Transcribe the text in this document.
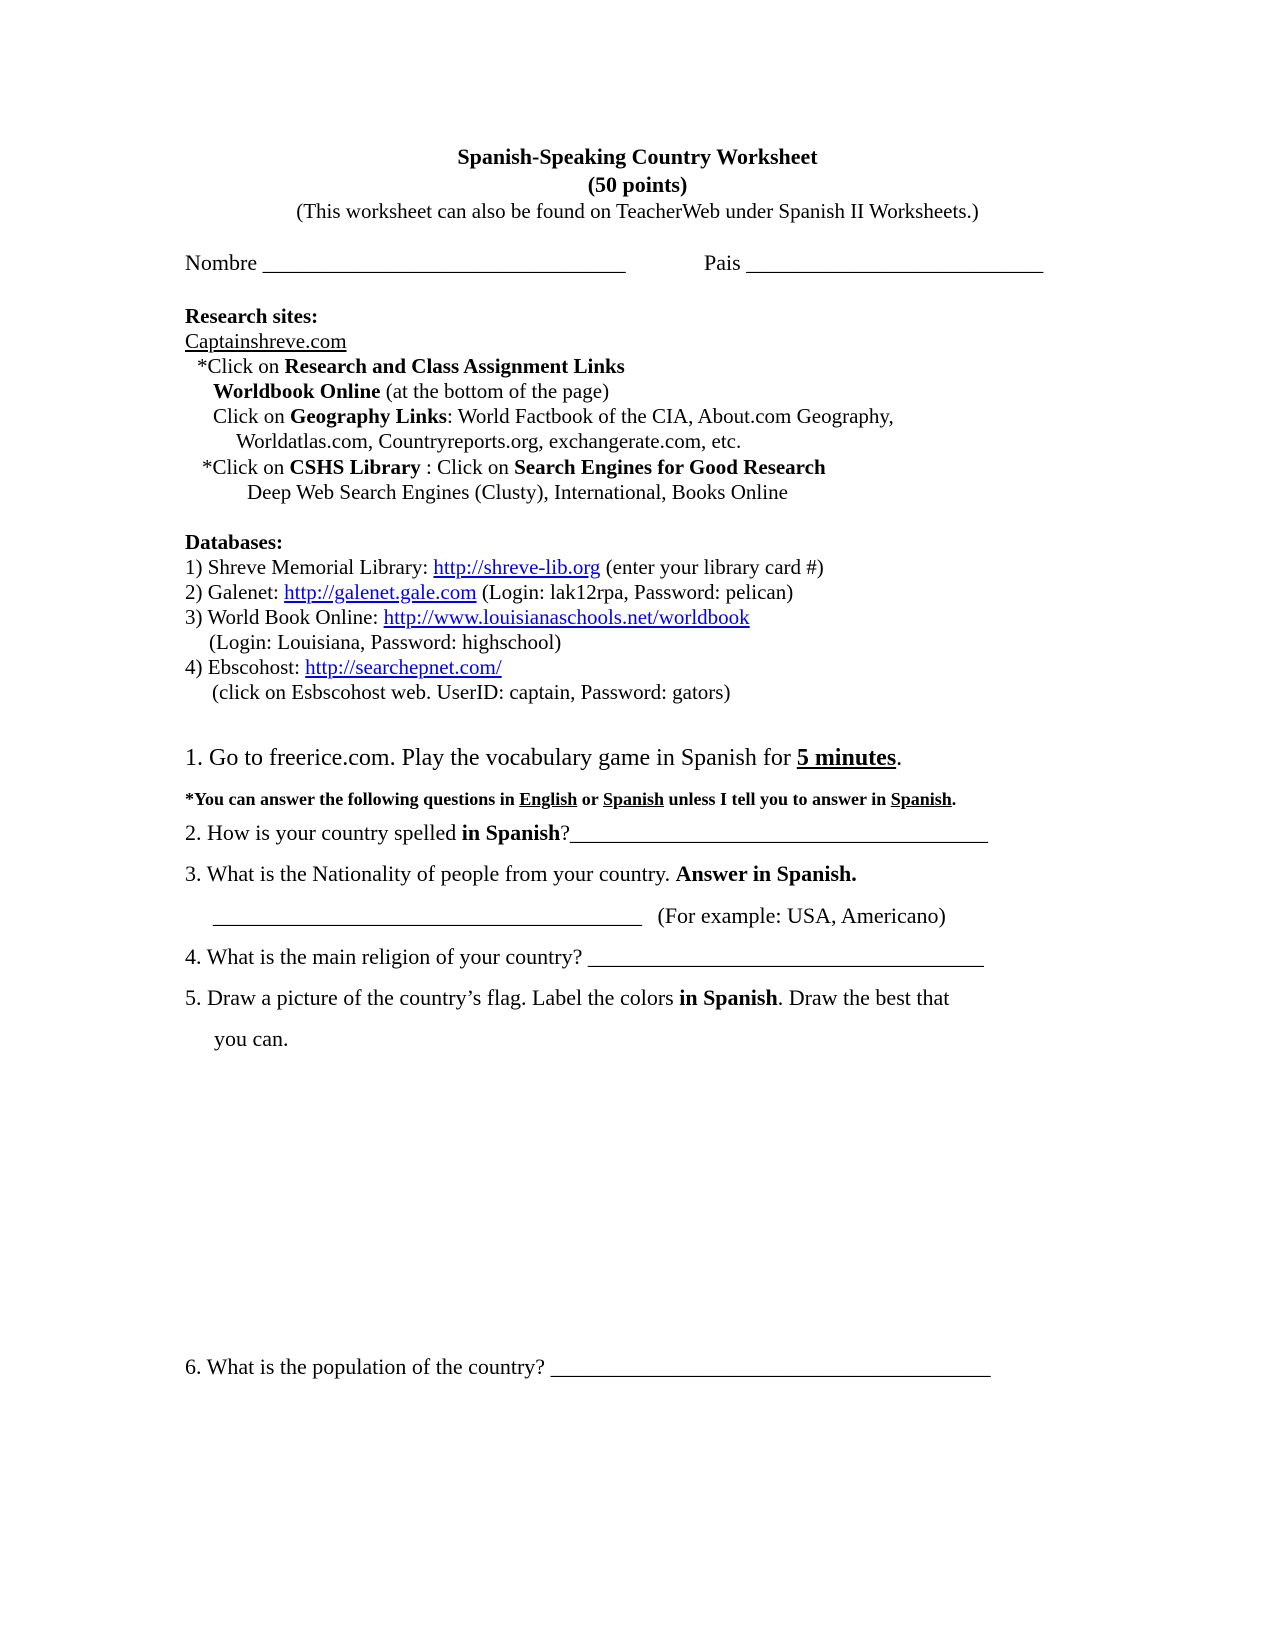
Spanish-Speaking Country Worksheet
(50 points)
(This worksheet can also be found on TeacherWeb under Spanish II Worksheets.)
Nombre _________________________________	Pais ___________________________
Research sites:
Captainshreve.com
*Click on Research and Class Assignment Links
Worldbook Online (at the bottom of the page)
Click on Geography Links: World Factbook of the CIA, About.com Geography,
Worldatlas.com, Countryreports.org, exchangerate.com, etc.
*Click on CSHS Library : Click on Search Engines for Good Research
Deep Web Search Engines (Clusty), International, Books Online
Databases:
1) Shreve Memorial Library: http://shreve-lib.org (enter your library card #)
2) Galenet: http://galenet.gale.com (Login: lak12rpa, Password: pelican)
3) World Book Online: http://www.louisianaschools.net/worldbook
(Login: Louisiana, Password: highschool)
4) Ebscohost: http://searchepnet.com/
(click on Esbscohost web. UserID: captain, Password: gators)
1. Go to freerice.com. Play the vocabulary game in Spanish for 5 minutes.
*You can answer the following questions in English or Spanish unless I tell you to answer in Spanish.
2. How is your country spelled in Spanish?______________________________________
3. What is the Nationality of people from your country. Answer in Spanish.
_______________________________________ (For example: USA, Americano)
4. What is the main religion of your country? ____________________________________
5. Draw a picture of the country’s flag. Label the colors in Spanish. Draw the best that
you can.
6. What is the population of the country? ________________________________________
